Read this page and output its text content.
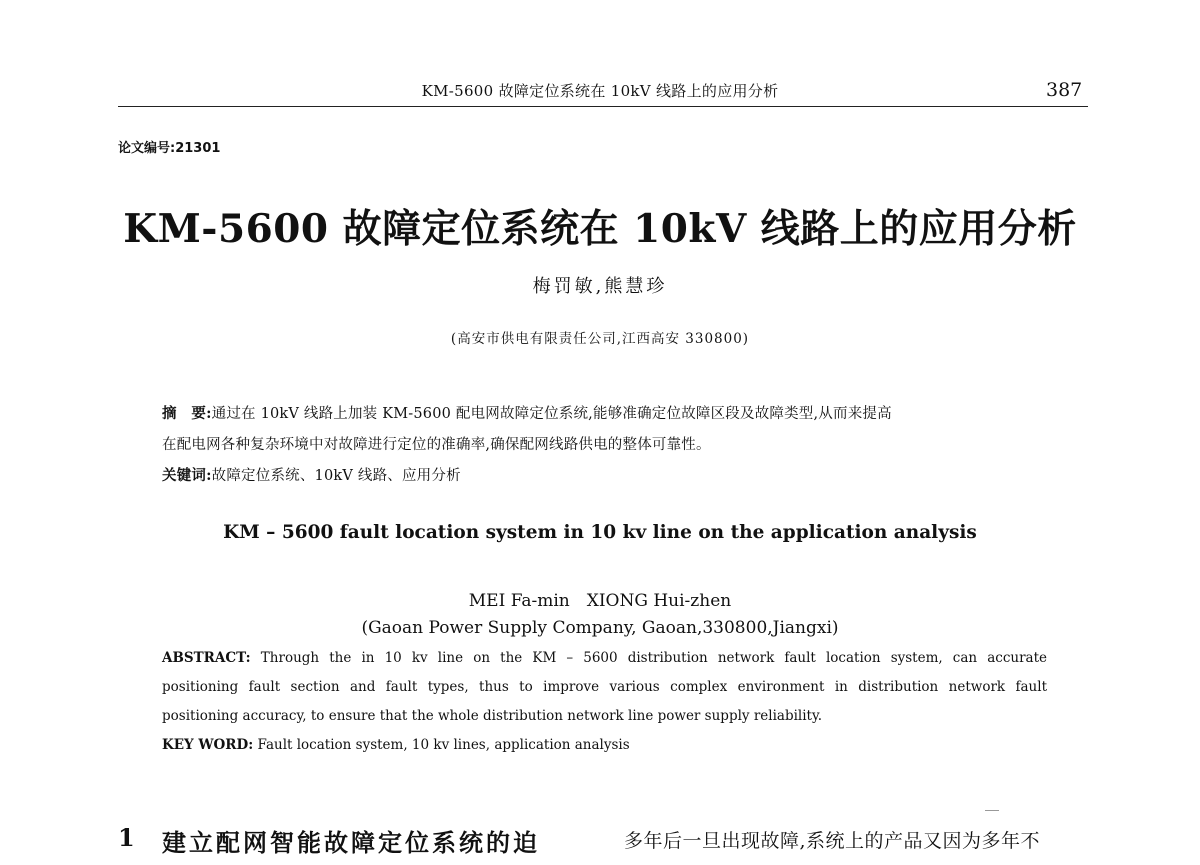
KM-5600 故障定位系统在 10kV 线路上的应用分析	387
论文编号:21301
KM-5600 故障定位系统在 10kV 线路上的应用分析
梅罚敏,熊慧珍
(高安市供电有限责任公司,江西高安 330800)
摘　要:通过在 10kV 线路上加装 KM-5600 配电网故障定位系统,能够准确定位故障区段及故障类型,从而来提高
在配电网各种复杂环境中对故障进行定位的准确率,确保配网线路供电的整体可靠性。
关键词:故障定位系统、10kV 线路、应用分析
KM – 5600 fault location system in 10 kv line on the application analysis
MEI Fa-min　XIONG Hui-zhen
(Gaoan Power Supply Company, Gaoan,330800,Jiangxi)
ABSTRACT: Through the in 10 kv line on the KM – 5600 distribution network fault location system, can accurate
positioning fault section and fault types, thus to improve various complex environment in distribution network fault
positioning accuracy, to ensure that the whole distribution network line power supply reliability.
KEY WORD: Fault location system, 10 kv lines, application analysis
1 建立配网智能故障定位系统的迫	多年后一旦出现故障,系统上的产品又因为多年不
